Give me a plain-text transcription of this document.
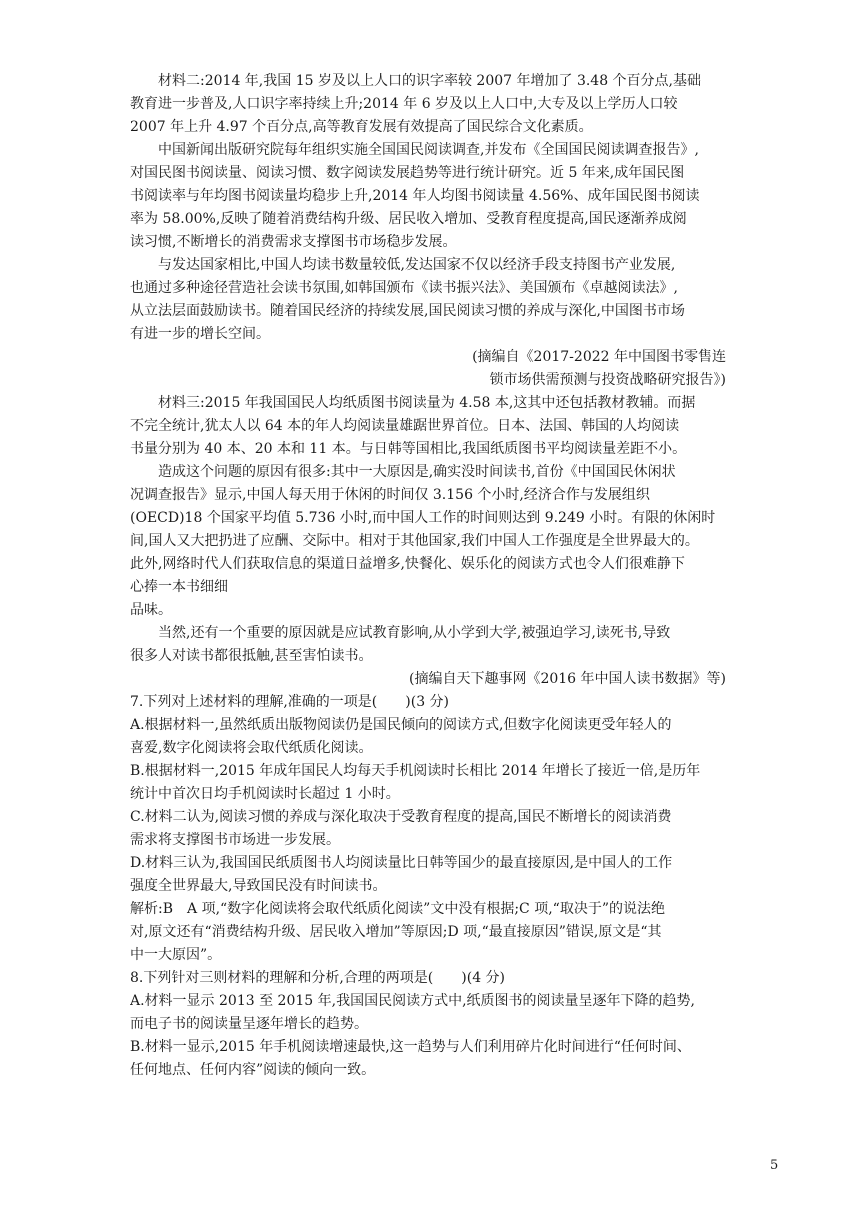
材料二:2014 年,我国 15 岁及以上人口的识字率较 2007 年增加了 3.48 个百分点,基础
教育进一步普及,人口识字率持续上升;2014 年 6 岁及以上人口中,大专及以上学历人口较
2007 年上升 4.97 个百分点,高等教育发展有效提高了国民综合文化素质。
中国新闻出版研究院每年组织实施全国国民阅读调查,并发布《全国国民阅读调查报告》,
对国民图书阅读量、阅读习惯、数字阅读发展趋势等进行统计研究。近 5 年来,成年国民图
书阅读率与年均图书阅读量均稳步上升,2014 年人均图书阅读量 4.56%、成年国民图书阅读
率为 58.00%,反映了随着消费结构升级、居民收入增加、受教育程度提高,国民逐渐养成阅
读习惯,不断增长的消费需求支撑图书市场稳步发展。
与发达国家相比,中国人均读书数量较低,发达国家不仅以经济手段支持图书产业发展,
也通过多种途径营造社会读书氛围,如韩国颁布《读书振兴法》、美国颁布《卓越阅读法》,
从立法层面鼓励读书。随着国民经济的持续发展,国民阅读习惯的养成与深化,中国图书市场
有进一步的增长空间。
(摘编自《2017-2022 年中国图书零售连
锁市场供需预测与投资战略研究报告》)
材料三:2015 年我国国民人均纸质图书阅读量为 4.58 本,这其中还包括教材教辅。而据
不完全统计,犹太人以 64 本的年人均阅读量雄踞世界首位。日本、法国、韩国的人均阅读
书量分别为 40 本、20 本和 11 本。与日韩等国相比,我国纸质图书平均阅读量差距不小。
造成这个问题的原因有很多:其中一大原因是,确实没时间读书,首份《中国国民休闲状
况调查报告》显示,中国人每天用于休闲的时间仅 3.156 个小时,经济合作与发展组织
(OECD)18 个国家平均值 5.736 小时,而中国人工作的时间则达到 9.249 小时。有限的休闲时
间,国人又大把扔进了应酬、交际中。相对于其他国家,我们中国人工作强度是全世界最大的。
此外,网络时代人们获取信息的渠道日益增多,快餐化、娱乐化的阅读方式也令人们很难静下
心捧一本书细细
品味。
当然,还有一个重要的原因就是应试教育影响,从小学到大学,被强迫学习,读死书,导致
很多人对读书都很抵触,甚至害怕读书。
(摘编自天下趣事网《2016 年中国人读书数据》等)
7.下列对上述材料的理解,准确的一项是(　　)(3 分)
A.根据材料一,虽然纸质出版物阅读仍是国民倾向的阅读方式,但数字化阅读更受年轻人的
喜爱,数字化阅读将会取代纸质化阅读。
B.根据材料一,2015 年成年国民人均每天手机阅读时长相比 2014 年增长了接近一倍,是历年
统计中首次日均手机阅读时长超过 1 小时。
C.材料二认为,阅读习惯的养成与深化取决于受教育程度的提高,国民不断增长的阅读消费
需求将支撑图书市场进一步发展。
D.材料三认为,我国国民纸质图书人均阅读量比日韩等国少的最直接原因,是中国人的工作
强度全世界最大,导致国民没有时间读书。
解析:B　A 项,“数字化阅读将会取代纸质化阅读”文中没有根据;C 项,“取决于”的说法绝
对,原文还有“消费结构升级、居民收入增加”等原因;D 项,“最直接原因”错误,原文是“其
中一大原因”。
8.下列针对三则材料的理解和分析,合理的两项是(　　)(4 分)
A.材料一显示 2013 至 2015 年,我国国民阅读方式中,纸质图书的阅读量呈逐年下降的趋势,
而电子书的阅读量呈逐年增长的趋势。
B.材料一显示,2015 年手机阅读增速最快,这一趋势与人们利用碎片化时间进行“任何时间、
任何地点、任何内容”阅读的倾向一致。
5
